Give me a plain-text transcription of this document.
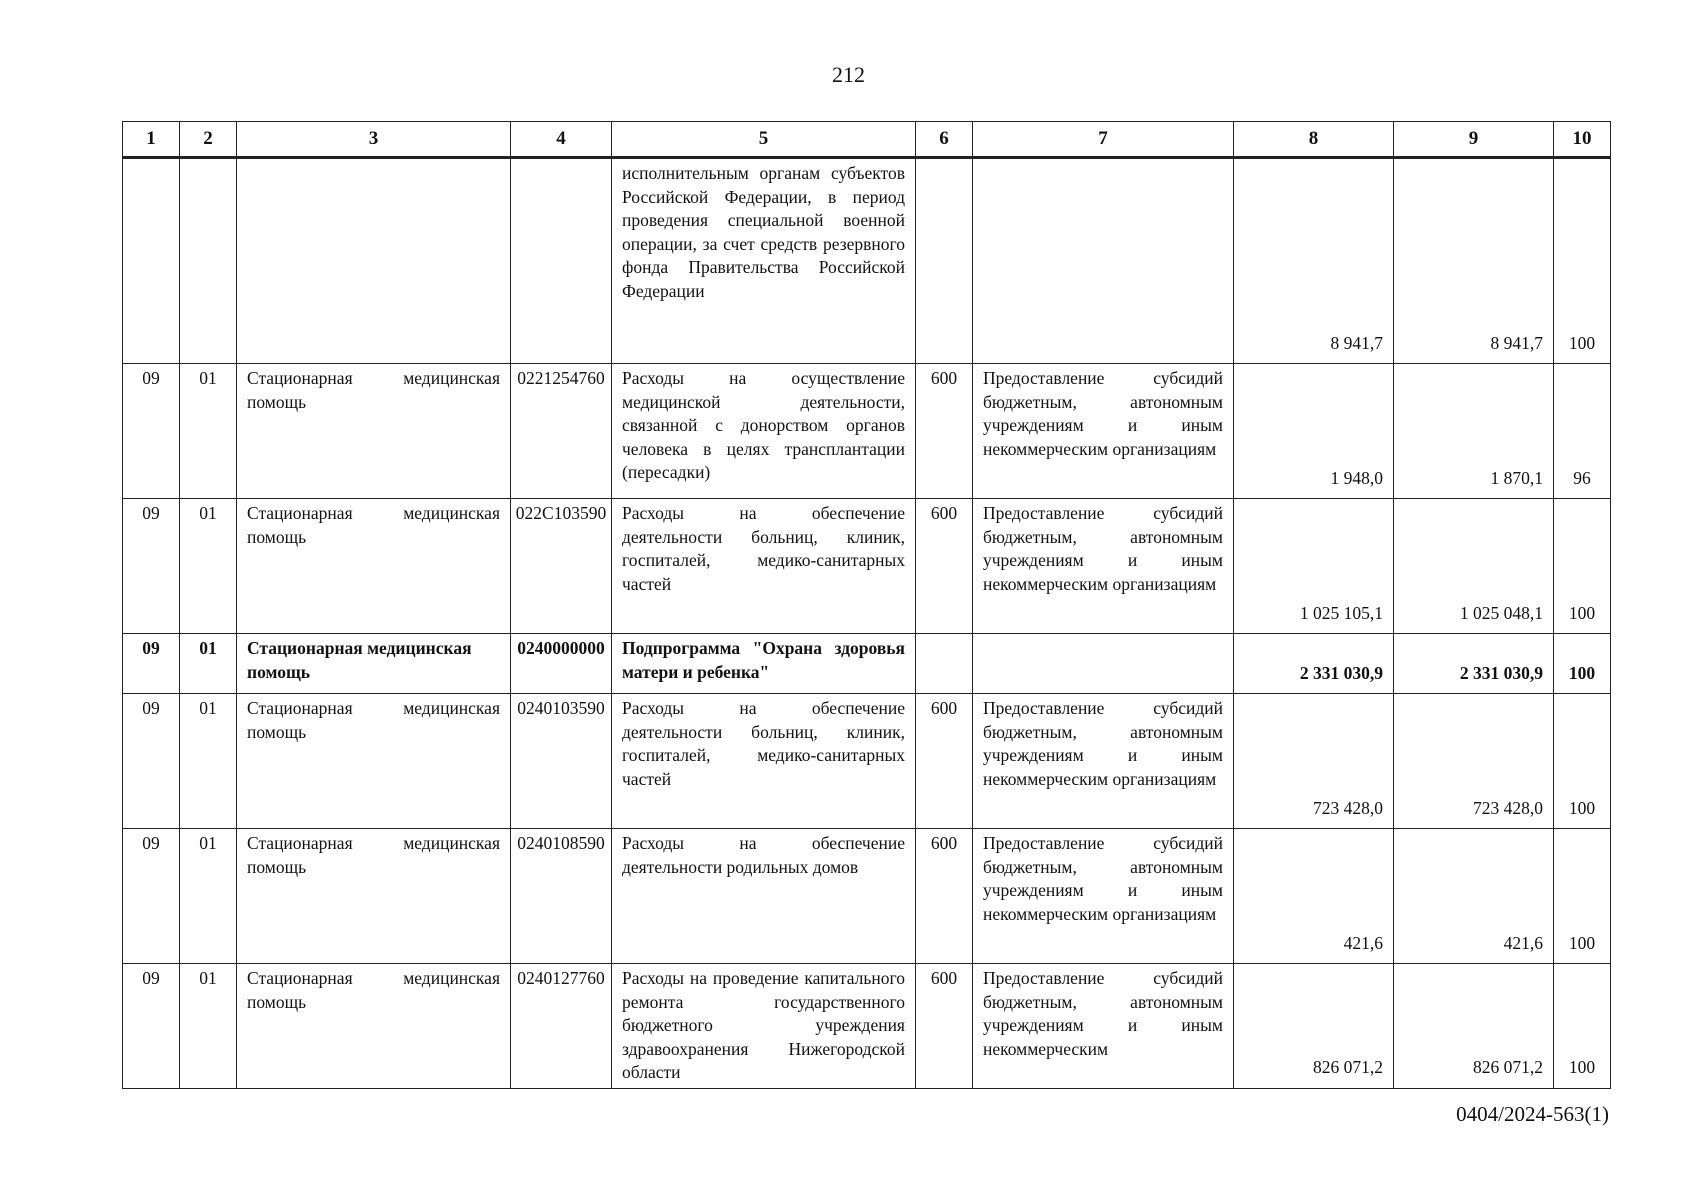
212
1	2	3	4	5	6	7	8	9	10
				исполнительным органам субъектов Российской Федерации, в период проведения специальной военной операции, за счет средств резервного фонда Правительства Российской Федерации			8 941,7	8 941,7	100
09	01	Стационарная медицинская помощь	0221254760	Расходы на осуществление медицинской деятельности, связанной с донорством органов человека в целях трансплантации (пересадки)	600	Предоставление субсидий бюджетным, автономным учреждениям и иным некоммерческим организациям	1 948,0	1 870,1	96
09	01	Стационарная медицинская помощь	022С103590	Расходы на обеспечение деятельности больниц, клиник, госпиталей, медико-санитарных частей	600	Предоставление субсидий бюджетным, автономным учреждениям и иным некоммерческим организациям	1 025 105,1	1 025 048,1	100
09	01	Стационарная медицинская помощь	0240000000	Подпрограмма "Охрана здоровья матери и ребенка"			2 331 030,9	2 331 030,9	100
09	01	Стационарная медицинская помощь	0240103590	Расходы на обеспечение деятельности больниц, клиник, госпиталей, медико-санитарных частей	600	Предоставление субсидий бюджетным, автономным учреждениям и иным некоммерческим организациям	723 428,0	723 428,0	100
09	01	Стационарная медицинская помощь	0240108590	Расходы на обеспечение деятельности родильных домов	600	Предоставление субсидий бюджетным, автономным учреждениям и иным некоммерческим организациям	421,6	421,6	100
09	01	Стационарная медицинская помощь	0240127760	Расходы на проведение капитального ремонта государственного бюджетного учреждения здравоохранения Нижегородской области	600	Предоставление субсидий бюджетным, автономным учреждениям и иным некоммерческим	826 071,2	826 071,2	100
0404/2024-563(1)
